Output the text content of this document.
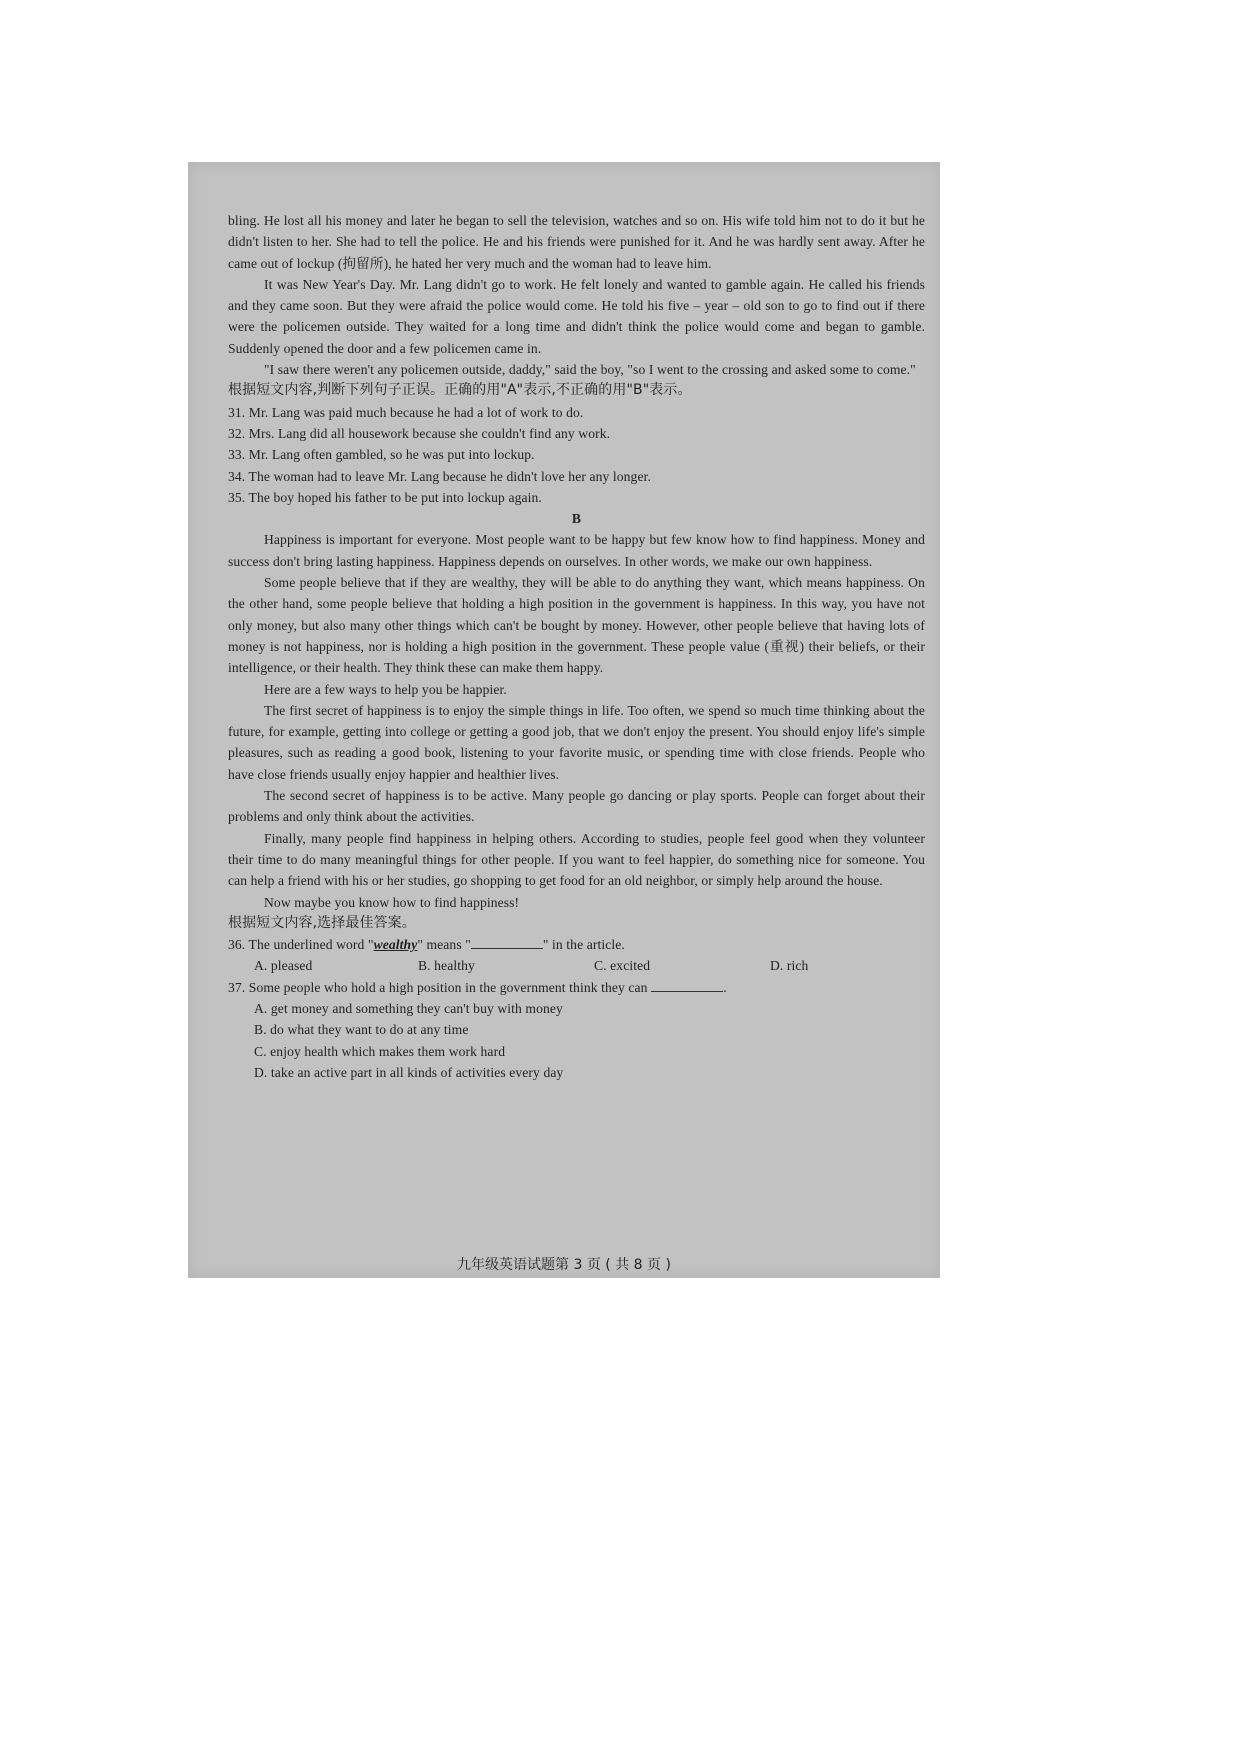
bling. He lost all his money and later he began to sell the television, watches and so on. His wife told him not to do it but he didn't listen to her. She had to tell the police. He and his friends were punished for it. And he was hardly sent away. After he came out of lockup (拘留所), he hated her very much and the woman had to leave him.

It was New Year's Day. Mr. Lang didn't go to work. He felt lonely and wanted to gamble again. He called his friends and they came soon. But they were afraid the police would come. He told his five – year – old son to go to find out if there were the policemen outside. They waited for a long time and didn't think the police would come and began to gamble. Suddenly opened the door and a few policemen came in.

"I saw there weren't any policemen outside, daddy," said the boy, "so I went to the crossing and asked some to come."

根据短文内容,判断下列句子正误。正确的用"A"表示,不正确的用"B"表示。

31. Mr. Lang was paid much because he had a lot of work to do.

32. Mrs. Lang did all housework because she couldn't find any work.

33. Mr. Lang often gambled, so he was put into lockup.

34. The woman had to leave Mr. Lang because he didn't love her any longer.

35. The boy hoped his father to be put into lockup again.

B

Happiness is important for everyone. Most people want to be happy but few know how to find happiness. Money and success don't bring lasting happiness. Happiness depends on ourselves. In other words, we make our own happiness.

Some people believe that if they are wealthy, they will be able to do anything they want, which means happiness. On the other hand, some people believe that holding a high position in the government is happiness. In this way, you have not only money, but also many other things which can't be bought by money. However, other people believe that having lots of money is not happiness, nor is holding a high position in the government. These people value (重视) their beliefs, or their intelligence, or their health. They think these can make them happy.

Here are a few ways to help you be happier.

The first secret of happiness is to enjoy the simple things in life. Too often, we spend so much time thinking about the future, for example, getting into college or getting a good job, that we don't enjoy the present. You should enjoy life's simple pleasures, such as reading a good book, listening to your favorite music, or spending time with close friends. People who have close friends usually enjoy happier and healthier lives.

The second secret of happiness is to be active. Many people go dancing or play sports. People can forget about their problems and only think about the activities.

Finally, many people find happiness in helping others. According to studies, people feel good when they volunteer their time to do many meaningful things for other people. If you want to feel happier, do something nice for someone. You can help a friend with his or her studies, go shopping to get food for an old neighbor, or simply help around the house.

Now maybe you know how to find happiness!

根据短文内容,选择最佳答案。

36. The underlined word "wealthy" means "	" in the article.

A. pleased	B. healthy	C. excited	D. rich

37. Some people who hold a high position in the government think they can	.

A. get money and something they can't buy with money

B. do what they want to do at any time

C. enjoy health which makes them work hard

D. take an active part in all kinds of activities every day

九年级英语试题第 3 页 ( 共 8 页 )
